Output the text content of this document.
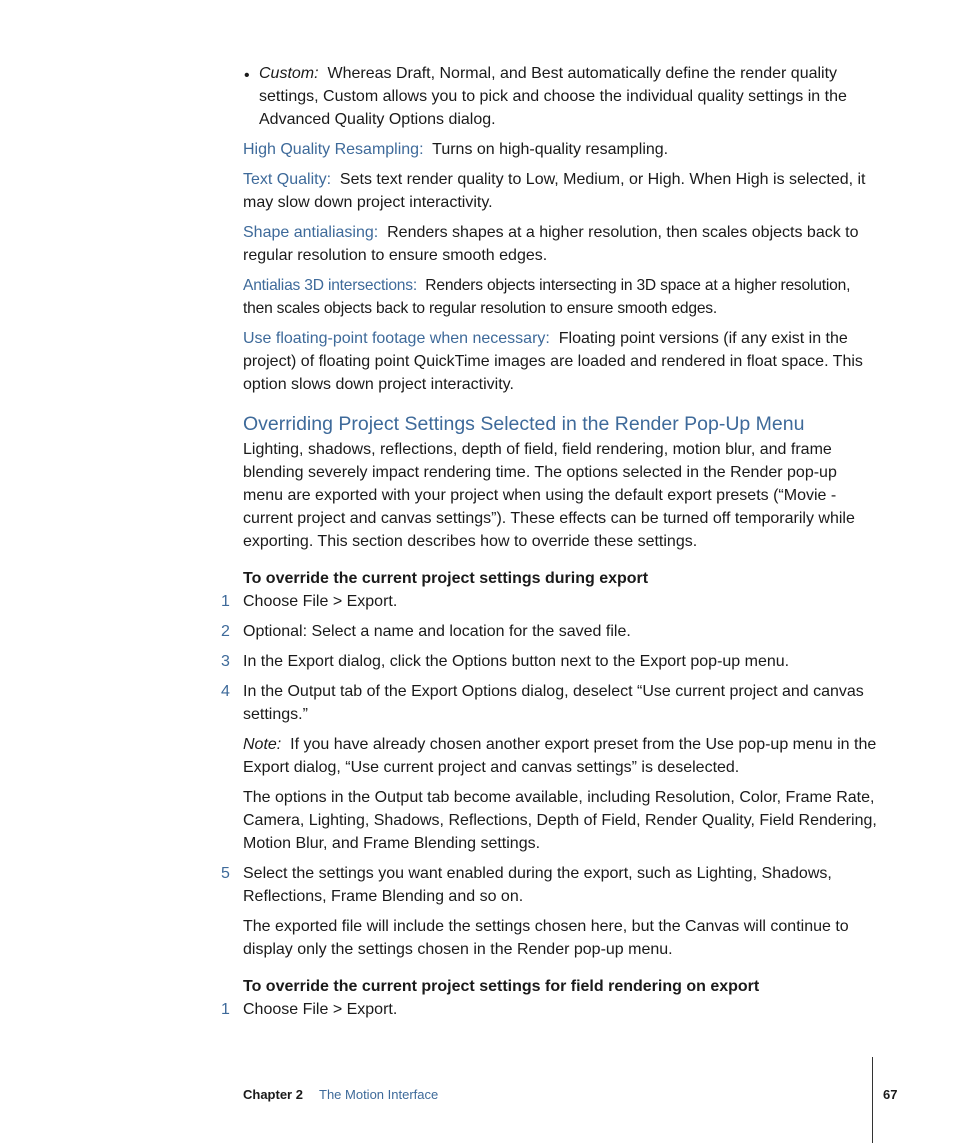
• Custom: Whereas Draft, Normal, and Best automatically define the render quality settings, Custom allows you to pick and choose the individual quality settings in the Advanced Quality Options dialog.

High Quality Resampling: Turns on high-quality resampling.

Text Quality: Sets text render quality to Low, Medium, or High. When High is selected, it may slow down project interactivity.

Shape antialiasing: Renders shapes at a higher resolution, then scales objects back to regular resolution to ensure smooth edges.

Antialias 3D intersections: Renders objects intersecting in 3D space at a higher resolution, then scales objects back to regular resolution to ensure smooth edges.

Use floating-point footage when necessary: Floating point versions (if any exist in the project) of floating point QuickTime images are loaded and rendered in float space. This option slows down project interactivity.

Overriding Project Settings Selected in the Render Pop-Up Menu

Lighting, shadows, reflections, depth of field, field rendering, motion blur, and frame blending severely impact rendering time. The options selected in the Render pop-up menu are exported with your project when using the default export presets (“Movie - current project and canvas settings”). These effects can be turned off temporarily while exporting. This section describes how to override these settings.

To override the current project settings during export

1 Choose File > Export.

2 Optional: Select a name and location for the saved file.

3 In the Export dialog, click the Options button next to the Export pop-up menu.

4 In the Output tab of the Export Options dialog, deselect “Use current project and canvas settings.”

Note: If you have already chosen another export preset from the Use pop-up menu in the Export dialog, “Use current project and canvas settings” is deselected.

The options in the Output tab become available, including Resolution, Color, Frame Rate, Camera, Lighting, Shadows, Reflections, Depth of Field, Render Quality, Field Rendering, Motion Blur, and Frame Blending settings.

5 Select the settings you want enabled during the export, such as Lighting, Shadows, Reflections, Frame Blending and so on.

The exported file will include the settings chosen here, but the Canvas will continue to display only the settings chosen in the Render pop-up menu.

To override the current project settings for field rendering on export

1 Choose File > Export.

Chapter 2 The Motion Interface	67
